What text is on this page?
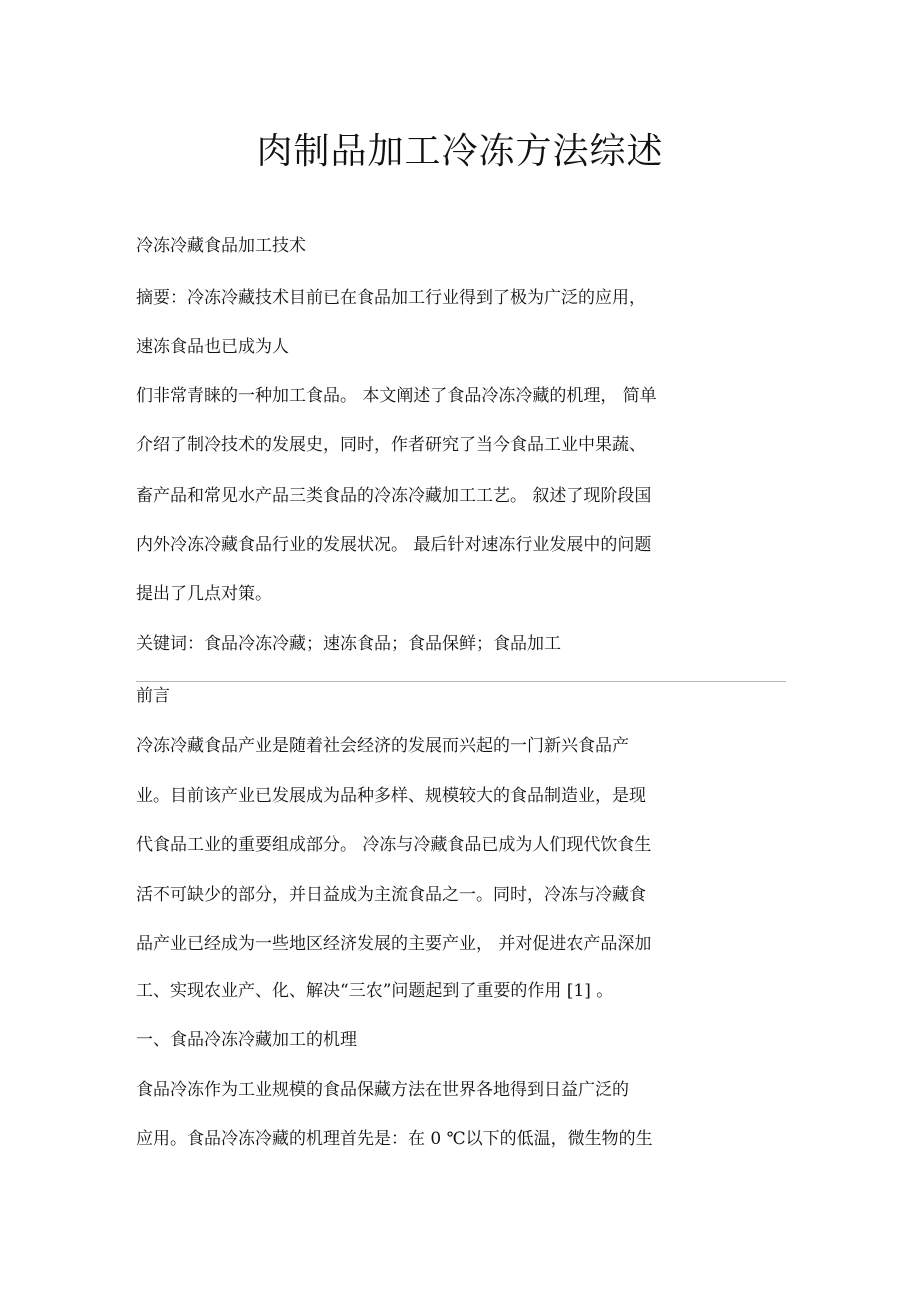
肉制品加工冷冻方法综述

冷冻冷藏食品加工技术

摘要：冷冻冷藏技术目前已在食品加工行业得到了极为广泛的应用，

速冻食品也已成为人

们非常青睐的一种加工食品。 本文阐述了食品冷冻冷藏的机理， 简单

介绍了制冷技术的发展史，同时，作者研究了当今食品工业中果蔬、

畜产品和常见水产品三类食品的冷冻冷藏加工工艺。 叙述了现阶段国

内外冷冻冷藏食品行业的发展状况。 最后针对速冻行业发展中的问题

提出了几点对策。

关键词：食品冷冻冷藏；速冻食品；食品保鲜；食品加工

前言

冷冻冷藏食品产业是随着社会经济的发展而兴起的一门新兴食品产

业。目前该产业已发展成为品种多样、规模较大的食品制造业，是现

代食品工业的重要组成部分。 冷冻与冷藏食品已成为人们现代饮食生

活不可缺少的部分，并日益成为主流食品之一。同时，冷冻与冷藏食

品产业已经成为一些地区经济发展的主要产业， 并对促进农产品深加

工、实现农业产、化、解决“三农”问题起到了重要的作用 [1] 。

一、食品冷冻冷藏加工的机理

食品冷冻作为工业规模的食品保藏方法在世界各地得到日益广泛的

应用。食品冷冻冷藏的机理首先是：在 0 ℃以下的低温，微生物的生
